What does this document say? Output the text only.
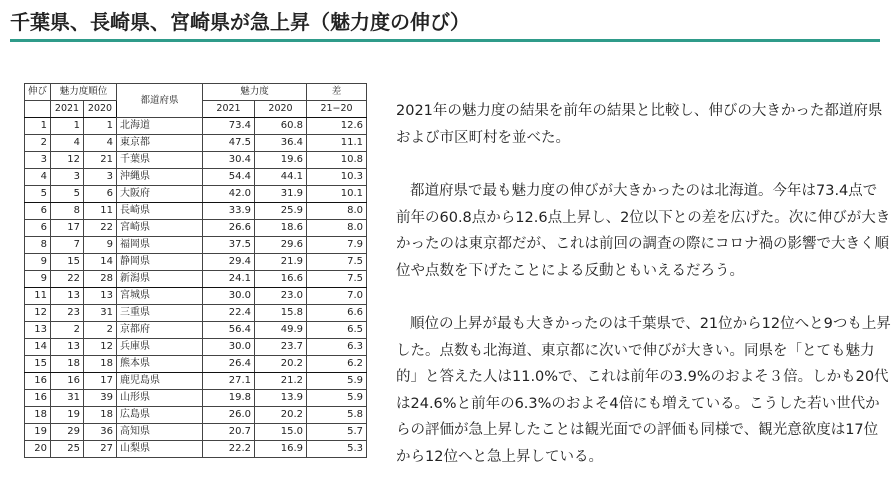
千葉県、長崎県、宮崎県が急上昇（魅力度の伸び）
伸び	魅力度順位		都道府県	魅力度		差
	2021	2020		2021	2020	21−20
1	1	1	北海道	73.4	60.8	12.6
2	4	4	東京都	47.5	36.4	11.1
3	12	21	千葉県	30.4	19.6	10.8
4	3	3	沖縄県	54.4	44.1	10.3
5	5	6	大阪府	42.0	31.9	10.1
6	8	11	長崎県	33.9	25.9	8.0
6	17	22	宮崎県	26.6	18.6	8.0
8	7	9	福岡県	37.5	29.6	7.9
9	15	14	静岡県	29.4	21.9	7.5
9	22	28	新潟県	24.1	16.6	7.5
11	13	13	宮城県	30.0	23.0	7.0
12	23	31	三重県	22.4	15.8	6.6
13	2	2	京都府	56.4	49.9	6.5
14	13	12	兵庫県	30.0	23.7	6.3
15	18	18	熊本県	26.4	20.2	6.2
16	16	17	鹿児島県	27.1	21.2	5.9
16	31	39	山形県	19.8	13.9	5.9
18	19	18	広島県	26.0	20.2	5.8
19	29	36	高知県	20.7	15.0	5.7
20	25	27	山梨県	22.2	16.9	5.3

2021年の魅力度の結果を前年の結果と比較し、伸びの大きかった都道府県および市区町村を並べた。

都道府県で最も魅力度の伸びが大きかったのは北海道。今年は73.4点で前年の60.8点から12.6点上昇し、2位以下との差を広げた。次に伸びが大きかったのは東京都だが、これは前回の調査の際にコロナ禍の影響で大きく順位や点数を下げたことによる反動ともいえるだろう。

順位の上昇が最も大きかったのは千葉県で、21位から12位へと9つも上昇した。点数も北海道、東京都に次いで伸びが大きい。同県を「とても魅力的」と答えた人は11.0%で、これは前年の3.9%のおよそ３倍。しかも20代は24.6%と前年の6.3%のおよそ4倍にも増えている。こうした若い世代からの評価が急上昇したことは観光面での評価も同様で、観光意欲度は17位から12位へと急上昇している。
